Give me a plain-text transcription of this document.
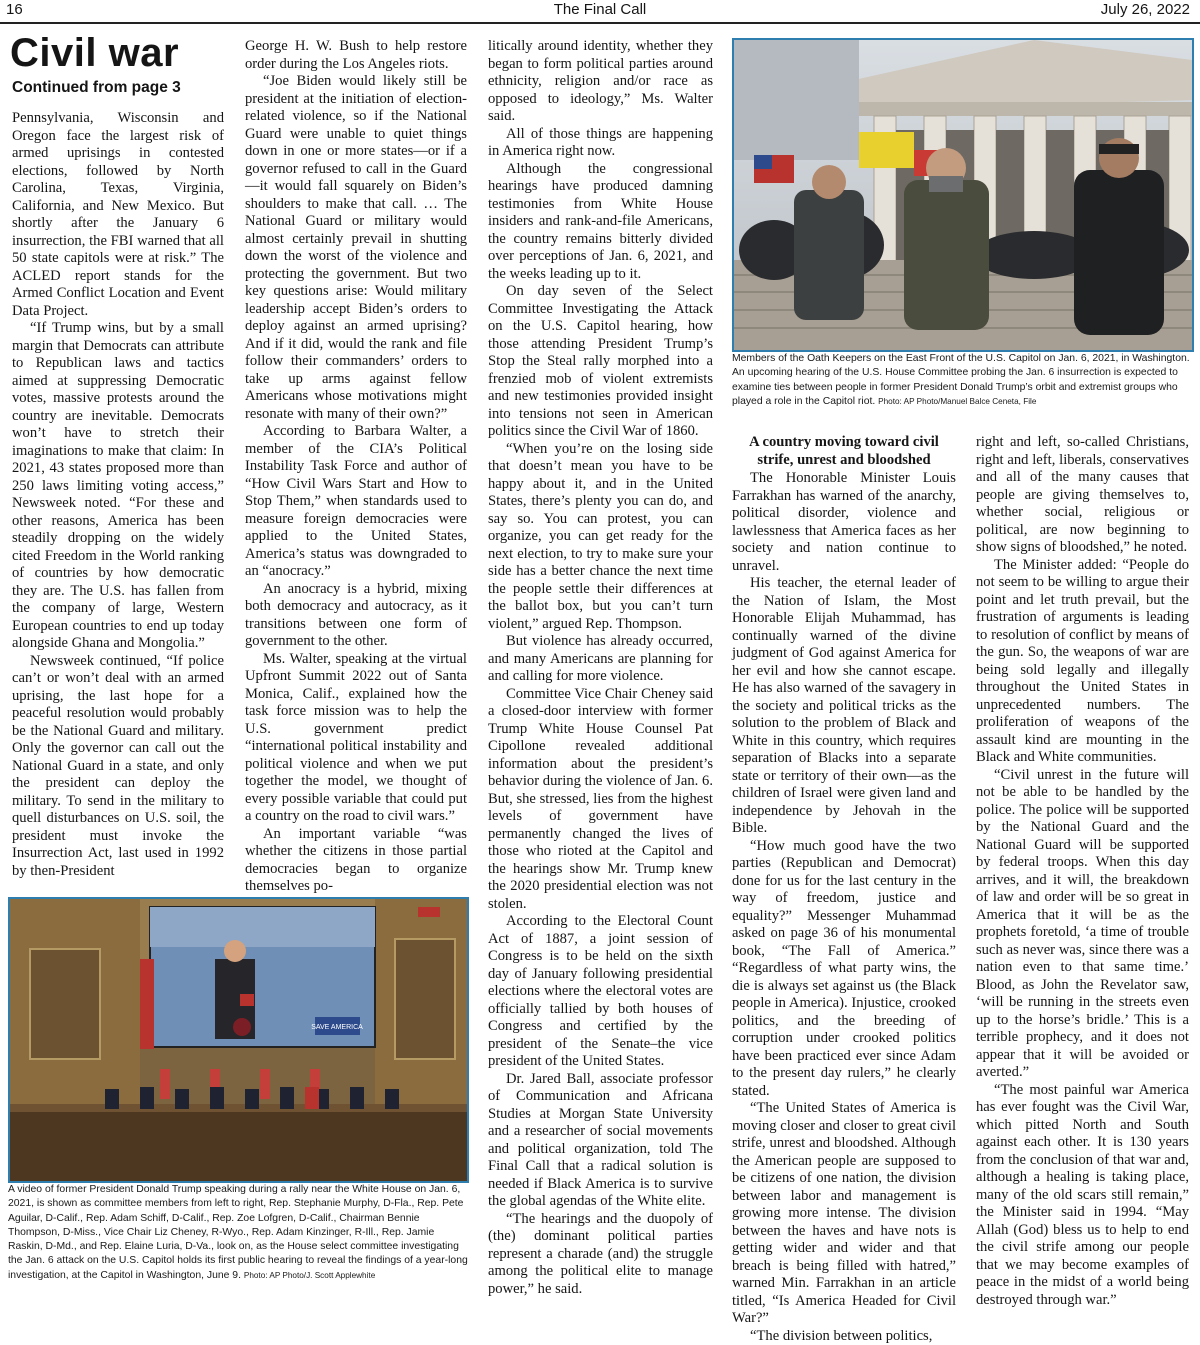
16	The Final Call	July 26, 2022
Civil war
Continued from page 3

Pennsylvania, Wisconsin and Oregon face the largest risk of armed uprisings in contested elections, followed by North Carolina, Texas, Virginia, California, and New Mexico. But shortly after the January 6 insurrection, the FBI warned that all 50 state capitols were at risk.” The ACLED report stands for the Armed Conflict Location and Event Data Project.

“If Trump wins, but by a small margin that Democrats can attribute to Republican laws and tactics aimed at suppressing Democratic votes, massive protests around the country are inevitable. Democrats won’t have to stretch their imaginations to make that claim: In 2021, 43 states proposed more than 250 laws limiting voting access,” Newsweek noted. “For these and other reasons, America has been steadily dropping on the widely cited Freedom in the World ranking of countries by how democratic they are. The U.S. has fallen from the company of large, Western European countries to end up today alongside Ghana and Mongolia.”

Newsweek continued, “If police can’t or won’t deal with an armed uprising, the last hope for a peaceful resolution would probably be the National Guard and military. Only the governor can call out the National Guard in a state, and only the president can deploy the military. To send in the military to quell disturbances on U.S. soil, the president must invoke the Insurrection Act, last used in 1992 by then-President

George H. W. Bush to help restore order during the Los Angeles riots.

“Joe Biden would likely still be president at the initiation of election-related violence, so if the National Guard were unable to quiet things down in one or more states—or if a governor refused to call in the Guard—it would fall squarely on Biden’s shoulders to make that call. … The National Guard or military would almost certainly prevail in shutting down the worst of the violence and protecting the government. But two key questions arise: Would military leadership accept Biden’s orders to deploy against an armed uprising? And if it did, would the rank and file follow their commanders’ orders to take up arms against fellow Americans whose motivations might resonate with many of their own?”

According to Barbara Walter, a member of the CIA’s Political Instability Task Force and author of “How Civil Wars Start and How to Stop Them,” when standards used to measure foreign democracies were applied to the United States, America’s status was downgraded to an “anocracy.”

An anocracy is a hybrid, mixing both democracy and autocracy, as it transitions between one form of government to the other.

Ms. Walter, speaking at the virtual Upfront Summit 2022 out of Santa Monica, Calif., explained how the task force mission was to help the U.S. government predict “international political instability and political violence and when we put together the model, we thought of every possible variable that could put a country on the road to civil wars.”

An important variable “was whether the citizens in those partial democracies began to organize themselves po-

litically around identity, whether they began to form political parties around ethnicity, religion and/or race as opposed to ideology,” Ms. Walter said.

All of those things are happening in America right now.

Although the congressional hearings have produced damning testimonies from White House insiders and rank-and-file Americans, the country remains bitterly divided over perceptions of Jan. 6, 2021, and the weeks leading up to it.

On day seven of the Select Committee Investigating the Attack on the U.S. Capitol hearing, how those attending President Trump’s Stop the Steal rally morphed into a frenzied mob of violent extremists and new testimonies provided insight into tensions not seen in American politics since the Civil War of 1860.

“When you’re on the losing side that doesn’t mean you have to be happy about it, and in the United States, there’s plenty you can do, and say so. You can protest, you can organize, you can get ready for the next election, to try to make sure your side has a better chance the next time the people settle their differences at the ballot box, but you can’t turn violent,” argued Rep. Thompson.

But violence has already occurred, and many Americans are planning for and calling for more violence.

Committee Vice Chair Cheney said a closed-door interview with former Trump White House Counsel Pat Cipollone revealed additional information about the president’s behavior during the violence of Jan. 6. But, she stressed, lies from the highest levels of government have permanently changed the lives of those who rioted at the Capitol and the hearings show Mr. Trump knew the 2020 presidential election was not stolen.

According to the Electoral Count Act of 1887, a joint session of Congress is to be held on the sixth day of January following presidential elections where the electoral votes are officially tallied by both houses of Congress and certified by the president of the Senate–the vice president of the United States.

Dr. Jared Ball, associate professor of Communication and Africana Studies at Morgan State University and a researcher of social movements and political organization, told The Final Call that a radical solution is needed if Black America is to survive the global agendas of the White elite.

“The hearings and the duopoly of (the) dominant political parties represent a charade (and) the struggle among the political elite to manage power,” he said.

A country moving toward civil strife, unrest and bloodshed

The Honorable Minister Louis Farrakhan has warned of the anarchy, political disorder, violence and lawlessness that America faces as her society and nation continue to unravel.

His teacher, the eternal leader of the Nation of Islam, the Most Honorable Elijah Muhammad, has continually warned of the divine judgment of God against America for her evil and how she cannot escape. He has also warned of the savagery in the society and political tricks as the solution to the problem of Black and White in this country, which requires separation of Blacks into a separate state or territory of their own—as the children of Israel were given land and independence by Jehovah in the Bible.

“How much good have the two parties (Republican and Democrat) done for us for the last century in the way of freedom, justice and equality?” Messenger Muhammad asked on page 36 of his monumental book, “The Fall of America.” “Regardless of what party wins, the die is always set against us (the Black people in America). Injustice, crooked politics, and the breeding of corruption under crooked politics have been practiced ever since Adam to the present day rulers,” he clearly stated.

“The United States of America is moving closer and closer to great civil strife, unrest and bloodshed. Although the American people are supposed to be citizens of one nation, the division between labor and management is growing more intense. The division between the haves and have nots is getting wider and wider and that breach is being filled with hatred,” warned Min. Farrakhan in an article titled, “Is America Headed for Civil War?”

“The division between politics,

right and left, so-called Christians, right and left, liberals, conservatives and all of the many causes that people are giving themselves to, whether social, religious or political, are now beginning to show signs of bloodshed,” he noted.

The Minister added: “People do not seem to be willing to argue their point and let truth prevail, but the frustration of arguments is leading to resolution of conflict by means of the gun. So, the weapons of war are being sold legally and illegally throughout the United States in unprecedented numbers. The proliferation of weapons of the assault kind are mounting in the Black and White communities.

“Civil unrest in the future will not be able to be handled by the police. The police will be supported by the National Guard and the National Guard will be supported by federal troops. When this day arrives, and it will, the breakdown of law and order will be so great in America that it will be as the prophets foretold, ‘a time of trouble such as never was, since there was a nation even to that same time.’ Blood, as John the Revelator saw, ‘will be running in the streets even up to the horse’s bridle.’ This is a terrible prophecy, and it does not appear that it will be avoided or averted.”

“The most painful war America has ever fought was the Civil War, which pitted North and South against each other. It is 130 years from the conclusion of that war and, although a healing is taking place, many of the old scars still remain,” the Minister said in 1994. “May Allah (God) bless us to help to end the civil strife among our people that we may become examples of peace in the midst of a world being destroyed through war.”

Members of the Oath Keepers on the East Front of the U.S. Capitol on Jan. 6, 2021, in Washington. An upcoming hearing of the U.S. House Committee probing the Jan. 6 insurrection is expected to examine ties between people in former President Donald Trump’s orbit and extremist groups who played a role in the Capitol riot. Photo: AP Photo/Manuel Balce Ceneta, File
SAVE AMERICA
A video of former President Donald Trump speaking during a rally near the White House on Jan. 6, 2021, is shown as committee members from left to right, Rep. Stephanie Murphy, D-Fla., Rep. Pete Aguilar, D-Calif., Rep. Adam Schiff, D-Calif., Rep. Zoe Lofgren, D-Calif., Chairman Bennie Thompson, D-Miss., Vice Chair Liz Cheney, R-Wyo., Rep. Adam Kinzinger, R-Ill., Rep. Jamie Raskin, D-Md., and Rep. Elaine Luria, D-Va., look on, as the House select committee investigating the Jan. 6 attack on the U.S. Capitol holds its first public hearing to reveal the findings of a year-long investigation, at the Capitol in Washington, June 9. Photo: AP Photo/J. Scott Applewhite
